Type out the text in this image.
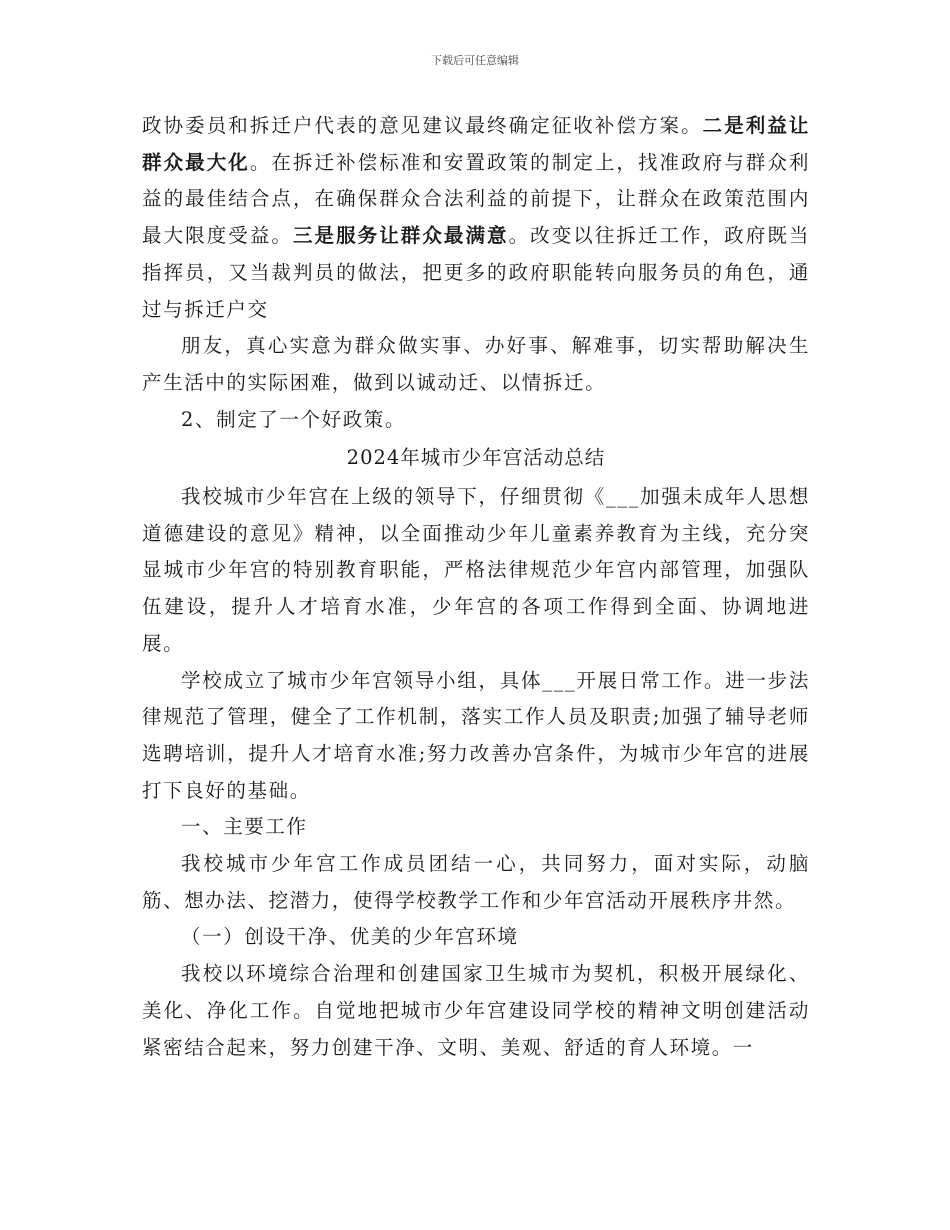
下载后可任意编辑

政协委员和拆迁户代表的意见建议最终确定征收补偿方案。二是利益让群众最大化。在拆迁补偿标准和安置政策的制定上，找准政府与群众利益的最佳结合点，在确保群众合法利益的前提下，让群众在政策范围内最大限度受益。三是服务让群众最满意。改变以往拆迁工作，政府既当指挥员，又当裁判员的做法，把更多的政府职能转向服务员的角色，通过与拆迁户交

朋友，真心实意为群众做实事、办好事、解难事，切实帮助解决生产生活中的实际困难，做到以诚动迁、以情拆迁。

2、制定了一个好政策。

2024年城市少年宫活动总结

我校城市少年宫在上级的领导下，仔细贯彻《___加强未成年人思想道德建设的意见》精神，以全面推动少年儿童素养教育为主线，充分突显城市少年宫的特别教育职能，严格法律规范少年宫内部管理，加强队伍建设，提升人才培育水准，少年宫的各项工作得到全面、协调地进展。

学校成立了城市少年宫领导小组，具体___开展日常工作。进一步法律规范了管理，健全了工作机制，落实工作人员及职责;加强了辅导老师选聘培训，提升人才培育水准;努力改善办宫条件，为城市少年宫的进展打下良好的基础。

一、主要工作

我校城市少年宫工作成员团结一心，共同努力，面对实际，动脑筋、想办法、挖潜力，使得学校教学工作和少年宫活动开展秩序井然。

（一）创设干净、优美的少年宫环境

我校以环境综合治理和创建国家卫生城市为契机，积极开展绿化、美化、净化工作。自觉地把城市少年宫建设同学校的精神文明创建活动紧密结合起来，努力创建干净、文明、美观、舒适的育人环境。一
